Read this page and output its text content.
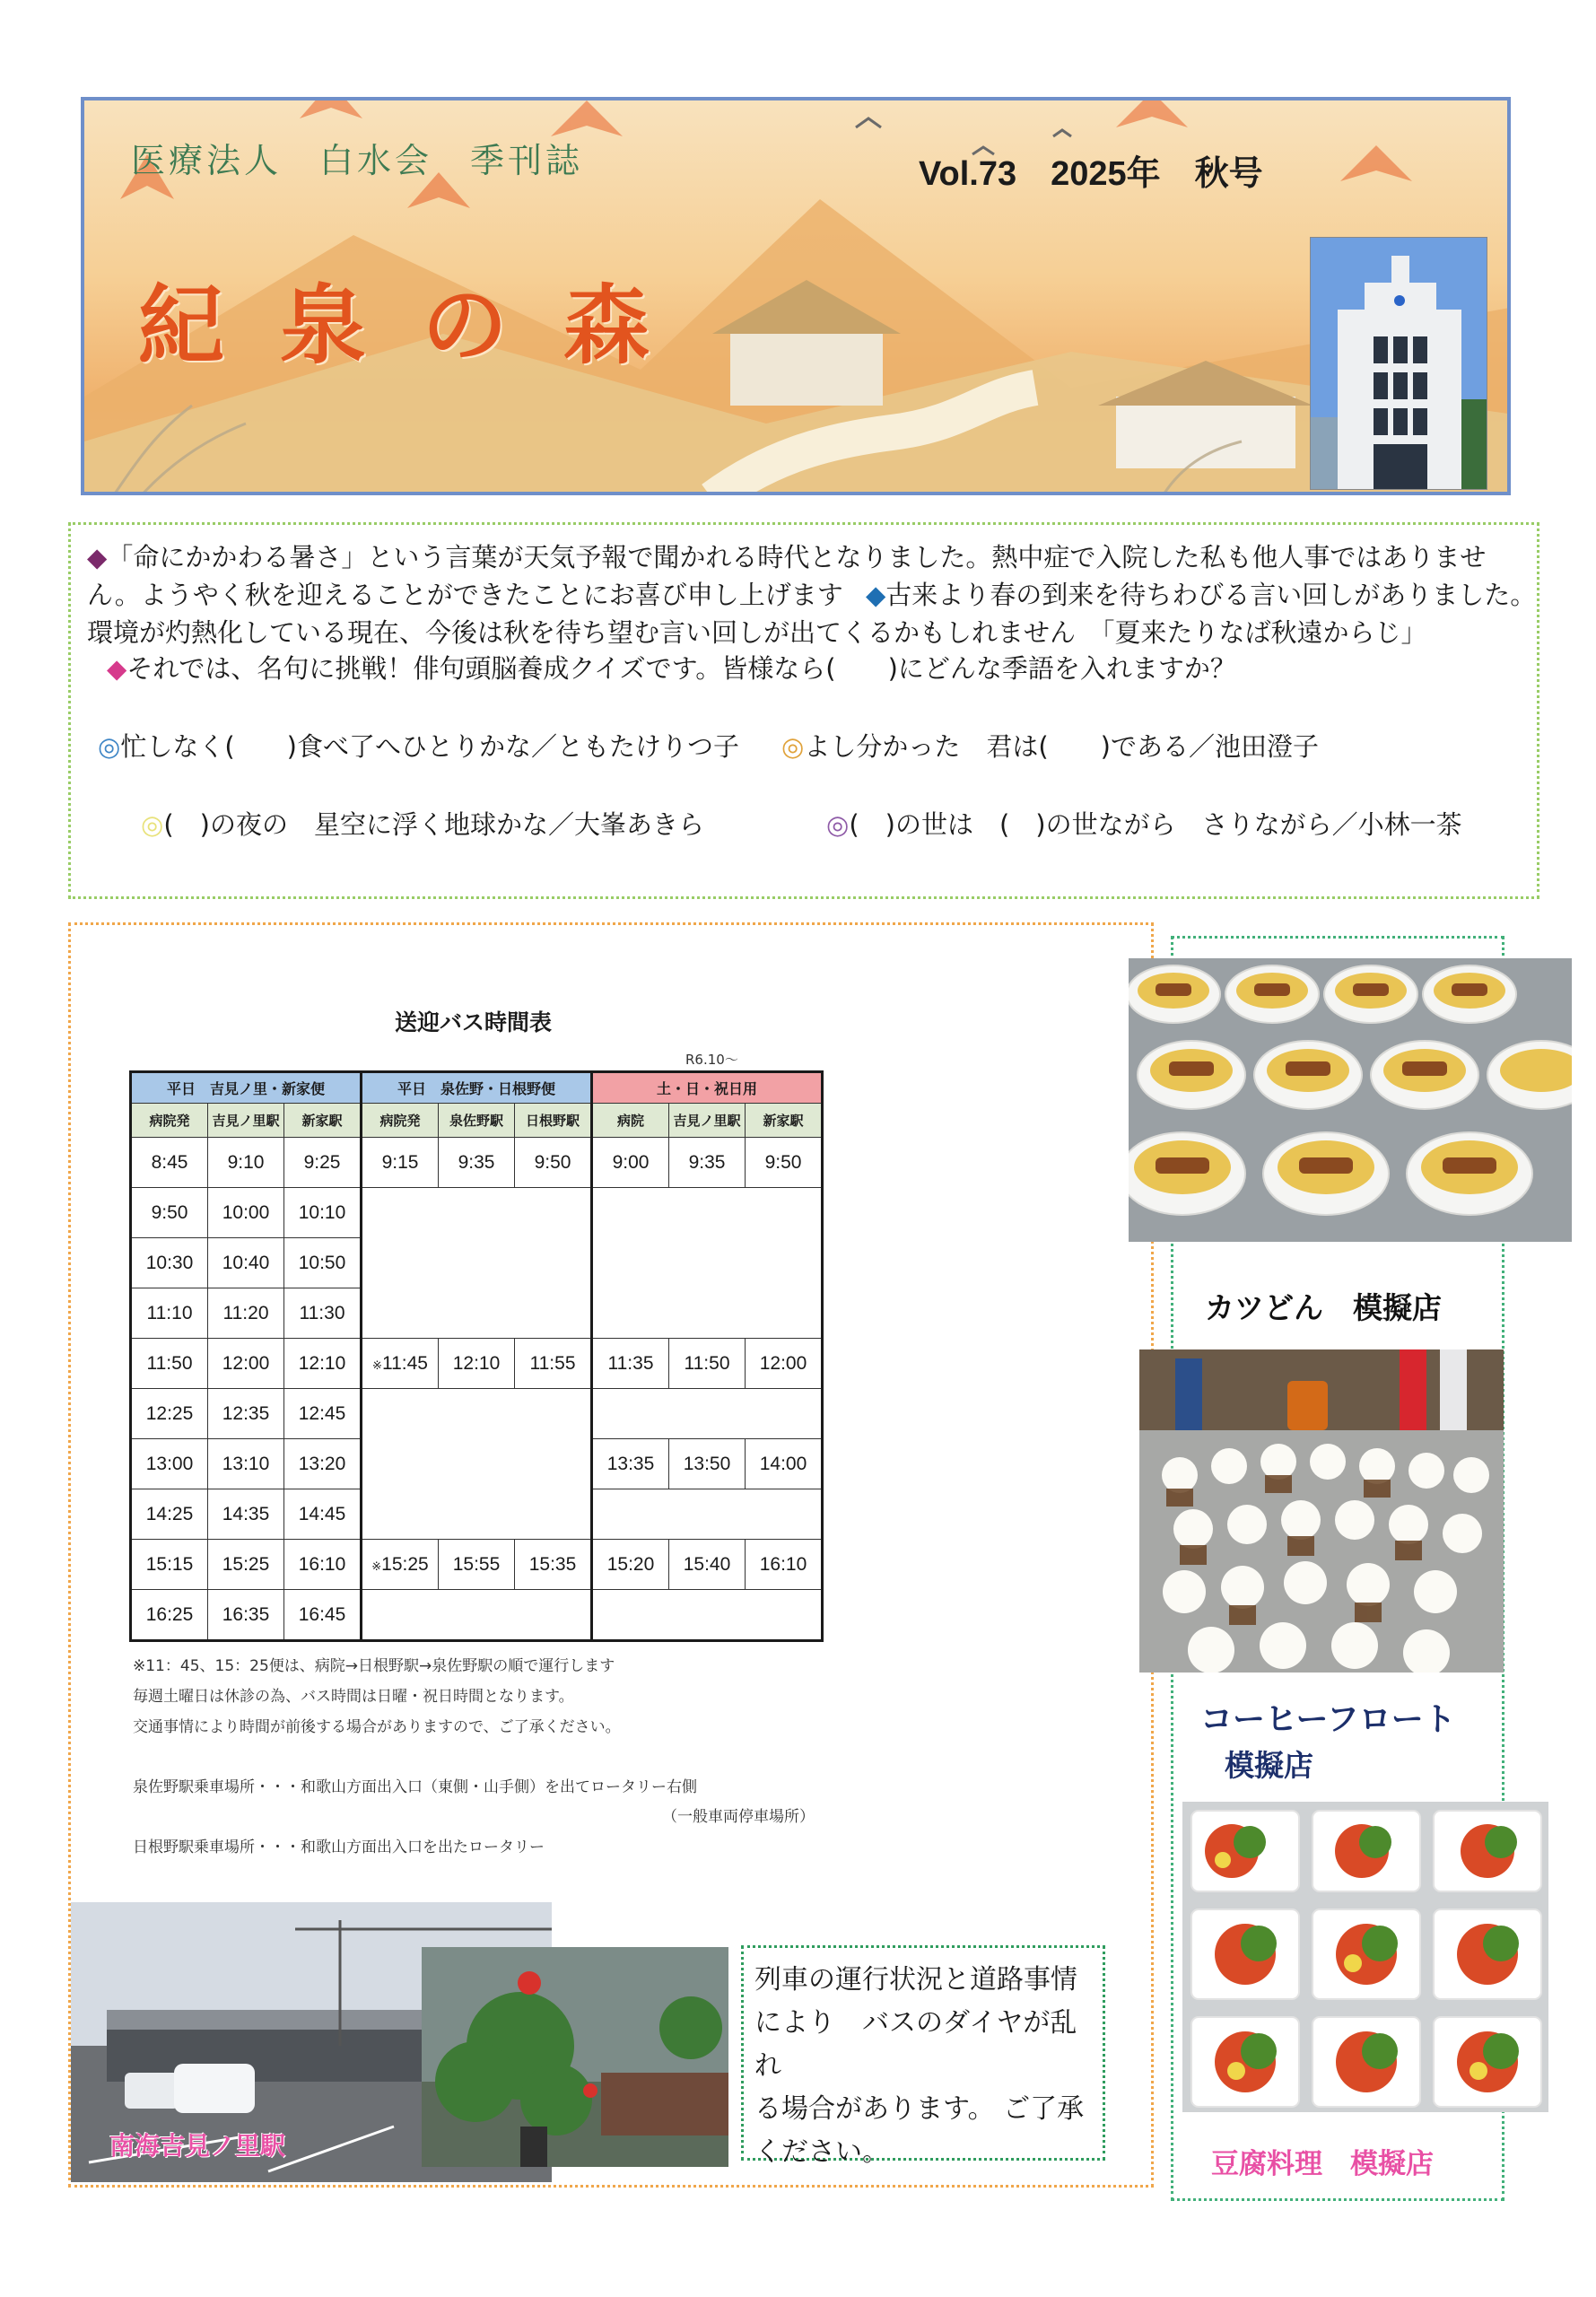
医療法人　白水会　季刊誌	Vol.73　2025年　秋号
紀泉の森
◆「命にかかわる暑さ」という言葉が天気予報で聞かれる時代となりました。熱中症で入院した私も他人事ではありませ
ん。ようやく秋を迎えることができたことにお喜び申し上げます ◆古来より春の到来を待ちわびる言い回しがありました。
環境が灼熱化している現在、今後は秋を待ち望む言い回しが出てくるかもしれません　「夏来たりなば秋遠からじ」
◆それでは、名句に挑戦！俳句頭脳養成クイズです。皆様なら(　　)にどんな季語を入れますか？
◎忙しなく(　　)食べ了へひとりかな／ともたけりつ子 ◎よし分かった　君は(　　)である／池田澄子
◎(　)の夜の　星空に浮く地球かな／大峯あきら	◎(　)の世は　(　)の世ながら　さりながら／小林一茶
送迎バス時間表
R6.10〜
平日　吉見ノ里・新家便			平日　泉佐野・日根野便			土・日・祝日用		
病院発	吉見ノ里駅	新家駅	病院発	泉佐野駅	日根野駅	病院	吉見ノ里駅	新家駅
8:45	9:10	9:25	9:15	9:35	9:50	9:00	9:35	9:50
9:50	10:00	10:10						
10:30	10:40	10:50						
11:10	11:20	11:30						
11:50	12:00	12:10	※11:45	12:10	11:55	11:35	11:50	12:00
12:25	12:35	12:45						
13:00	13:10	13:20				13:35	13:50	14:00
14:25	14:35	14:45						
15:15	15:25	16:10	※15:25	15:55	15:35	15:20	15:40	16:10
16:25	16:35	16:45						
※11：45、15：25便は、病院→日根野駅→泉佐野駅の順で運行します
毎週土曜日は休診の為、バス時間は日曜・祝日時間となります。
交通事情により時間が前後する場合がありますので、ご了承ください。
泉佐野駅乗車場所・・・和歌山方面出入口（東側・山手側）を出てロータリー右側
（一般車両停車場所）
日根野駅乗車場所・・・和歌山方面出入口を出たロータリー
南海吉見ノ里駅
列車の運行状況と道路事情
により　バスのダイヤが乱れ
る場合があります。 ご了承
ください。
カツどん　模擬店
コーヒーフロート
模擬店
豆腐料理　模擬店
